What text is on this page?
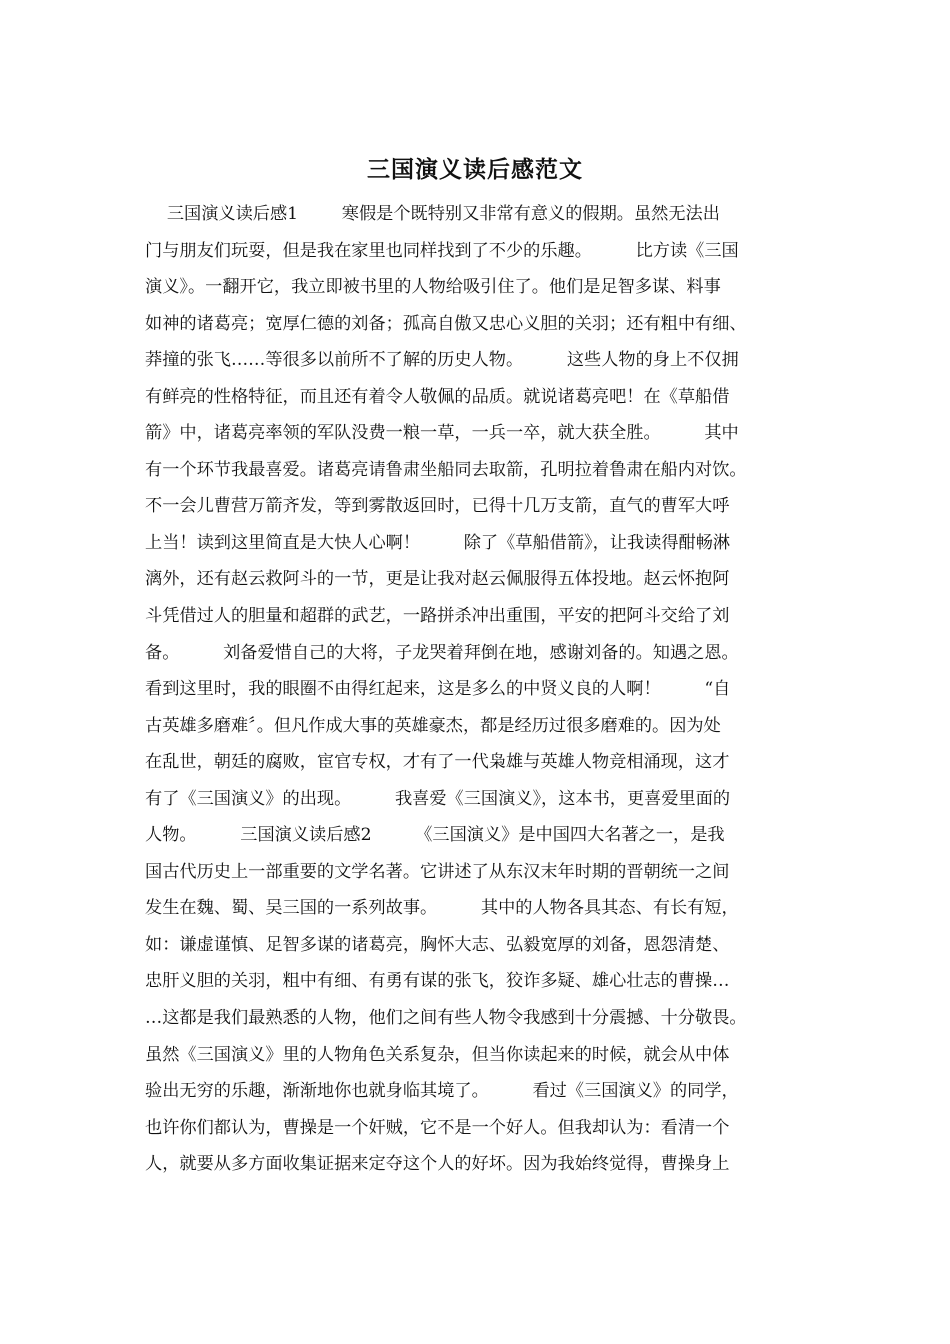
三国演义读后感范文
三国演义读后感1        寒假是个既特别又非常有意义的假期。虽然无法出
门与朋友们玩耍，但是我在家里也同样找到了不少的乐趣。        比方读《三国
演义》。一翻开它，我立即被书里的人物给吸引住了。他们是足智多谋、料事
如神的诸葛亮；宽厚仁德的刘备；孤高自傲又忠心义胆的关羽；还有粗中有细、
莽撞的张飞……等很多以前所不了解的历史人物。        这些人物的身上不仅拥
有鲜亮的性格特征，而且还有着令人敬佩的品质。就说诸葛亮吧！在《草船借
箭》中，诸葛亮率领的军队没费一粮一草，一兵一卒，就大获全胜。        其中
有一个环节我最喜爱。诸葛亮请鲁肃坐船同去取箭，孔明拉着鲁肃在船内对饮。
不一会儿曹营万箭齐发，等到雾散返回时，已得十几万支箭，直气的曹军大呼
上当！读到这里简直是大快人心啊！        除了《草船借箭》，让我读得酣畅淋
漓外，还有赵云救阿斗的一节，更是让我对赵云佩服得五体投地。赵云怀抱阿
斗凭借过人的胆量和超群的武艺，一路拼杀冲出重围，平安的把阿斗交给了刘
备。        刘备爱惜自己的大将，子龙哭着拜倒在地，感谢刘备的。知遇之恩。
看到这里时，我的眼圈不由得红起来，这是多么的中贤义良的人啊！        “自
古英雄多磨难〞。但凡作成大事的英雄豪杰，都是经历过很多磨难的。因为处
在乱世，朝廷的腐败，宦官专权，才有了一代枭雄与英雄人物竞相涌现，这才
有了《三国演义》的出现。        我喜爱《三国演义》，这本书，更喜爱里面的
人物。        三国演义读后感2        《三国演义》是中国四大名著之一，是我
国古代历史上一部重要的文学名著。它讲述了从东汉末年时期的晋朝统一之间
发生在魏、蜀、吴三国的一系列故事。        其中的人物各具其态、有长有短，
如：谦虚谨慎、足智多谋的诸葛亮，胸怀大志、弘毅宽厚的刘备，恩怨清楚、
忠肝义胆的关羽，粗中有细、有勇有谋的张飞，狡诈多疑、雄心壮志的曹操…
…这都是我们最熟悉的人物，他们之间有些人物令我感到十分震撼、十分敬畏。
虽然《三国演义》里的人物角色关系复杂，但当你读起来的时候，就会从中体
验出无穷的乐趣，渐渐地你也就身临其境了。        看过《三国演义》的同学，
也许你们都认为，曹操是一个奸贼，它不是一个好人。但我却认为：看清一个
人，就要从多方面收集证据来定夺这个人的好坏。因为我始终觉得，曹操身上
